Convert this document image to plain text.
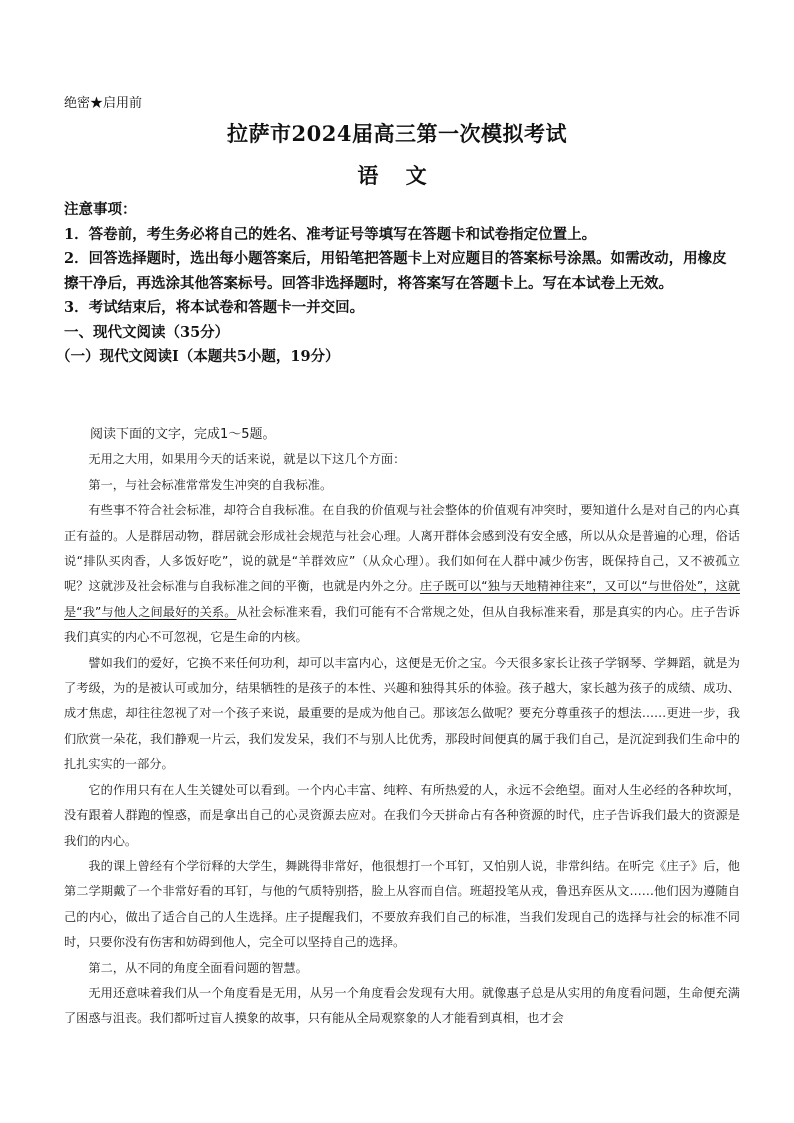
绝密★启用前
拉萨市2024届高三第一次模拟考试
语 文

注意事项：

1．答卷前，考生务必将自己的姓名、准考证号等填写在答题卡和试卷指定位置上。

2．回答选择题时，选出每小题答案后，用铅笔把答题卡上对应题目的答案标号涂黑。如需改动，用橡皮擦干净后，再选涂其他答案标号。回答非选择题时，将答案写在答题卡上。写在本试卷上无效。

3．考试结束后，将本试卷和答题卡一并交回。

一、现代文阅读（35分）

（一）现代文阅读Ⅰ（本题共5小题，19分）

阅读下面的文字，完成1～5题。

无用之大用，如果用今天的话来说，就是以下这几个方面：

第一，与社会标准常常发生冲突的自我标准。

有些事不符合社会标准，却符合自我标准。在自我的价值观与社会整体的价值观有冲突时，要知道什么是对自己的内心真正有益的。人是群居动物，群居就会形成社会规范与社会心理。人离开群体会感到没有安全感，所以从众是普遍的心理，俗话说“排队买肉香，人多饭好吃”，说的就是“羊群效应”（从众心理）。我们如何在人群中减少伤害，既保持自己，又不被孤立呢？这就涉及社会标准与自我标准之间的平衡，也就是内外之分。庄子既可以“独与天地精神往来”，又可以“与世俗处”，这就是“我”与他人之间最好的关系。从社会标准来看，我们可能有不合常规之处，但从自我标准来看，那是真实的内心。庄子告诉我们真实的内心不可忽视，它是生命的内核。

譬如我们的爱好，它换不来任何功利，却可以丰富内心，这便是无价之宝。今天很多家长让孩子学钢琴、学舞蹈，就是为了考级，为的是被认可或加分，结果牺牲的是孩子的本性、兴趣和独得其乐的体验。孩子越大，家长越为孩子的成绩、成功、成才焦虑，却往往忽视了对一个孩子来说，最重要的是成为他自己。那该怎么做呢？要充分尊重孩子的想法……更进一步，我们欣赏一朵花，我们静观一片云，我们发发呆，我们不与别人比优秀，那段时间便真的属于我们自己，是沉淀到我们生命中的扎扎实实的一部分。

它的作用只有在人生关键处可以看到。一个内心丰富、纯粹、有所热爱的人，永远不会绝望。面对人生必经的各种坎坷，没有跟着人群跑的惶惑，而是拿出自己的心灵资源去应对。在我们今天拼命占有各种资源的时代，庄子告诉我们最大的资源是我们的内心。

我的课上曾经有个学衍释的大学生，舞跳得非常好，他很想打一个耳钉，又怕别人说，非常纠结。在听完《庄子》后，他第二学期戴了一个非常好看的耳钉，与他的气质特别搭，脸上从容而自信。班超投笔从戎，鲁迅弃医从文……他们因为遵随自己的内心，做出了适合自己的人生选择。庄子提醒我们，不要放弃我们自己的标准，当我们发现自己的选择与社会的标准不同时，只要你没有伤害和妨碍到他人，完全可以坚持自己的选择。

第二，从不同的角度全面看问题的智慧。

无用还意味着我们从一个角度看是无用，从另一个角度看会发现有大用。就像惠子总是从实用的角度看问题，生命便充满了困惑与沮丧。我们都听过盲人摸象的故事，只有能从全局观察象的人才能看到真相，也才会
